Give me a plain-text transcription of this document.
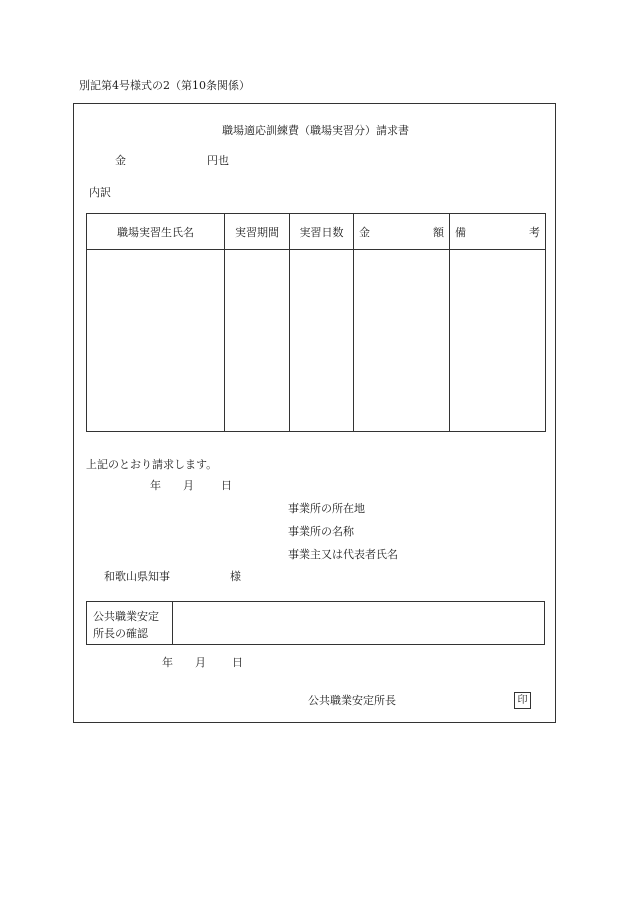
別記第4号様式の2（第10条関係）
職場適応訓練費（職場実習分）請求書
金	円也
内訳
職場実習生氏名	実習期間	実習日数	金 額	備 考

上記のとおり請求します。
年 月 日
事業所の所在地
事業所の名称
事業主又は代表者氏名
和歌山県知事	様
公共職業安定
所長の確認
年 月 日
公共職業安定所長	印
